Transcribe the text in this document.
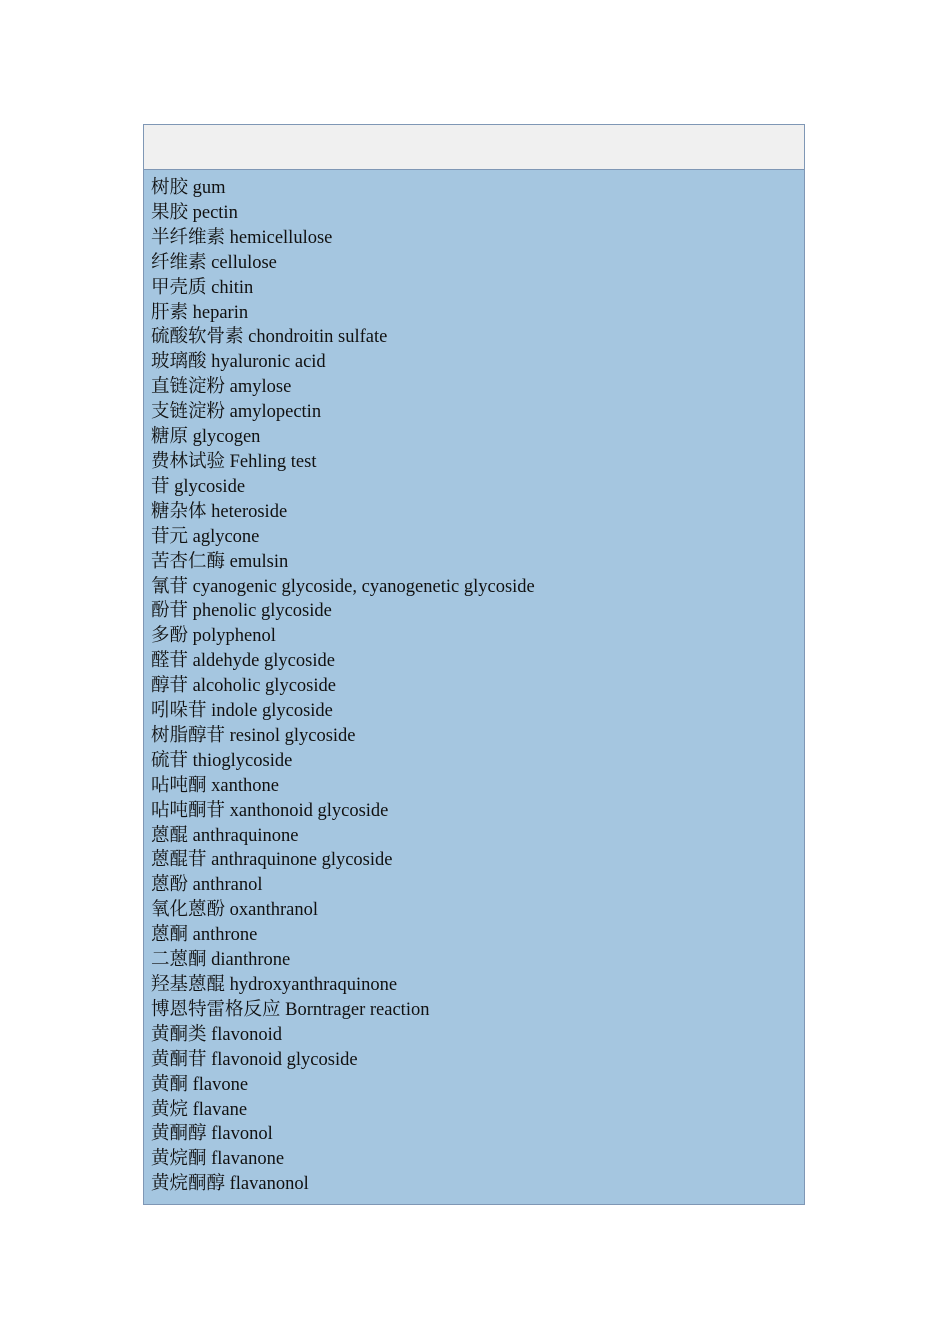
树胶 gum
果胶 pectin
半纤维素 hemicellulose
纤维素 cellulose
甲壳质 chitin
肝素 heparin
硫酸软骨素 chondroitin sulfate
玻璃酸 hyaluronic acid
直链淀粉 amylose
支链淀粉 amylopectin
糖原 glycogen
费林试验 Fehling test
苷 glycoside
糖杂体 heteroside
苷元 aglycone
苦杏仁酶 emulsin
氰苷 cyanogenic glycoside, cyanogenetic glycoside
酚苷 phenolic glycoside
多酚 polyphenol
醛苷 aldehyde glycoside
醇苷 alcoholic glycoside
吲哚苷 indole glycoside
树脂醇苷 resinol glycoside
硫苷 thioglycoside
呫吨酮 xanthone
呫吨酮苷 xanthonoid glycoside
蒽醌 anthraquinone
蒽醌苷 anthraquinone glycoside
蒽酚 anthranol
氧化蒽酚 oxanthranol
蒽酮 anthrone
二蒽酮 dianthrone
羟基蒽醌 hydroxyanthraquinone
博恩特雷格反应 Borntrager reaction
黄酮类 flavonoid
黄酮苷 flavonoid glycoside
黄酮 flavone
黄烷 flavane
黄酮醇 flavonol
黄烷酮 flavanone
黄烷酮醇 flavanonol
